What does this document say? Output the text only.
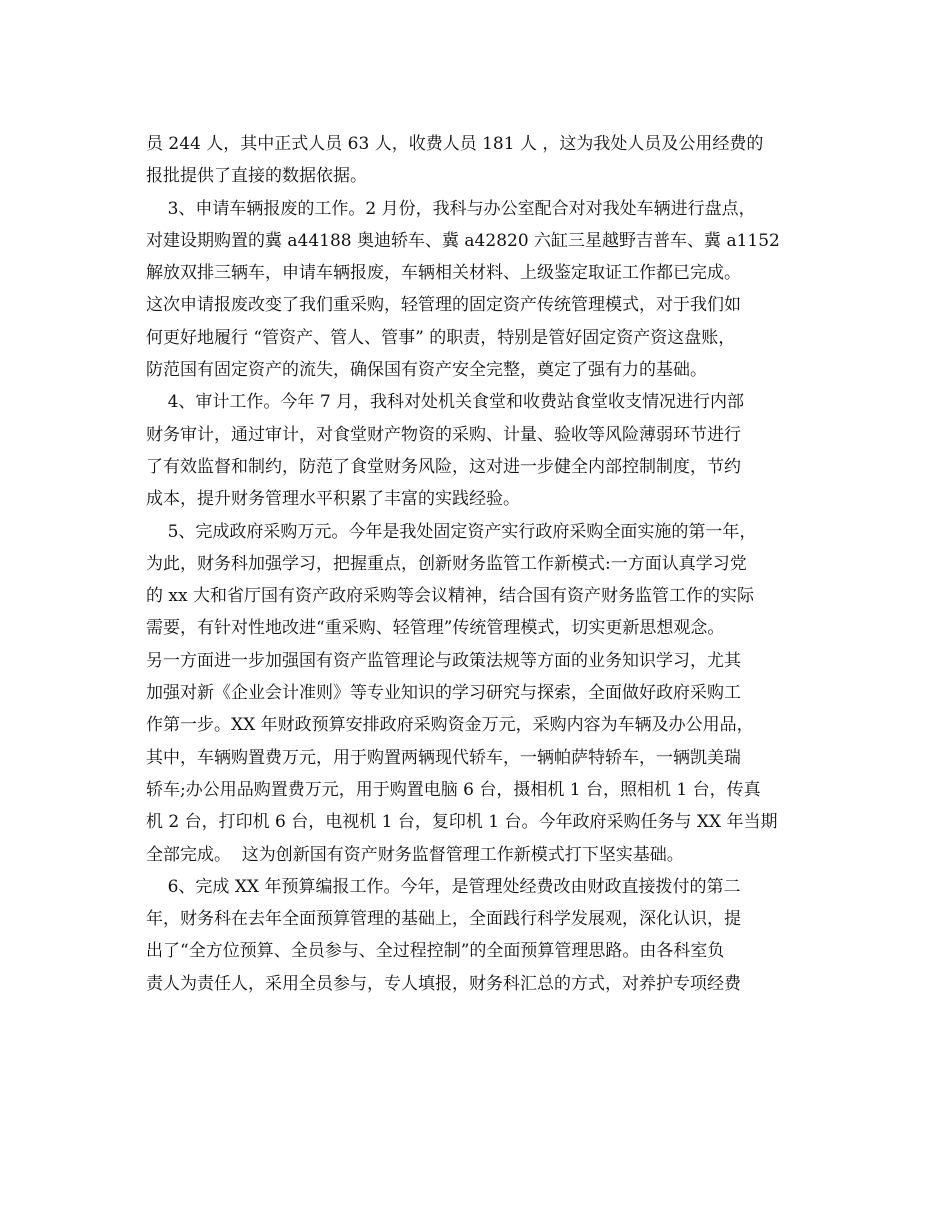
员 244 人，其中正式人员 63 人，收费人员 181 人 ，这为我处人员及公用经费的
报批提供了直接的数据依据。
3、申请车辆报废的工作。2 月份，我科与办公室配合对对我处车辆进行盘点，
对建设期购置的冀 a44188 奥迪轿车、冀 a42820 六缸三星越野吉普车、冀 a1152
解放双排三辆车，申请车辆报废，车辆相关材料、上级鉴定取证工作都已完成。
这次申请报废改变了我们重采购，轻管理的固定资产传统管理模式，对于我们如
何更好地履行 “管资产、管人、管事” 的职责，特别是管好固定资产资这盘账，
防范国有固定资产的流失，确保国有资产安全完整，奠定了强有力的基础。
4、审计工作。今年 7 月，我科对处机关食堂和收费站食堂收支情况进行内部
财务审计，通过审计，对食堂财产物资的采购、计量、验收等风险薄弱环节进行
了有效监督和制约，防范了食堂财务风险，这对进一步健全内部控制制度，节约
成本，提升财务管理水平积累了丰富的实践经验。
5、完成政府采购万元。今年是我处固定资产实行政府采购全面实施的第一年，
为此，财务科加强学习，把握重点，创新财务监管工作新模式:一方面认真学习党
的 xx 大和省厅国有资产政府采购等会议精神，结合国有资产财务监管工作的实际
需要，有针对性地改进“重采购、轻管理”传统管理模式，切实更新思想观念。
另一方面进一步加强国有资产监管理论与政策法规等方面的业务知识学习，尤其
加强对新《企业会计准则》等专业知识的学习研究与探索，全面做好政府采购工
作第一步。XX 年财政预算安排政府采购资金万元，采购内容为车辆及办公用品，
其中，车辆购置费万元，用于购置两辆现代轿车，一辆帕萨特轿车，一辆凯美瑞
轿车;办公用品购置费万元，用于购置电脑 6 台，摄相机 1 台，照相机 1 台，传真
机 2 台，打印机 6 台，电视机 1 台，复印机 1 台。今年政府采购任务与 XX 年当期
全部完成。  这为创新国有资产财务监督管理工作新模式打下坚实基础。
6、完成 XX 年预算编报工作。今年，是管理处经费改由财政直接拨付的第二
年，财务科在去年全面预算管理的基础上，全面践行科学发展观，深化认识，提
出了“全方位预算、全员参与、全过程控制”的全面预算管理思路。由各科室负
责人为责任人，采用全员参与，专人填报，财务科汇总的方式，对养护专项经费
